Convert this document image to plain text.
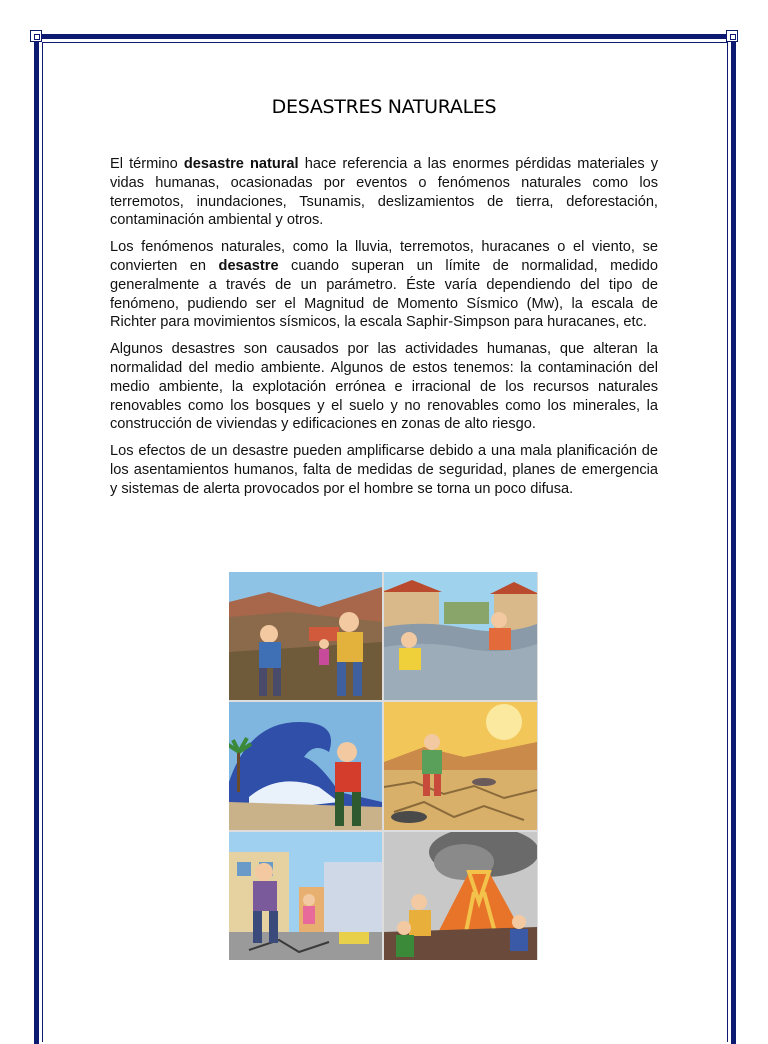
DESASTRES NATURALES

El término desastre natural hace referencia a las enormes pérdidas materiales y vidas humanas, ocasionadas por eventos o fenómenos naturales como los terremotos, inundaciones, Tsunamis, deslizamientos de tierra, deforestación, contaminación ambiental y otros.

Los fenómenos naturales, como la lluvia, terremotos, huracanes o el viento, se convierten en desastre cuando superan un límite de normalidad, medido generalmente a través de un parámetro. Éste varía dependiendo del tipo de fenómeno, pudiendo ser el Magnitud de Momento Sísmico (Mw), la escala de Richter para movimientos sísmicos, la escala Saphir-Simpson para huracanes, etc.

Algunos desastres son causados por las actividades humanas, que alteran la normalidad del medio ambiente. Algunos de estos tenemos: la contaminación del medio ambiente, la explotación errónea e irracional de los recursos naturales renovables como los bosques y el suelo y no renovables como los minerales, la construcción de viviendas y edificaciones en zonas de alto riesgo.

Los efectos de un desastre pueden amplificarse debido a una mala planificación de los asentamientos humanos, falta de medidas de seguridad, planes de emergencia y sistemas de alerta provocados por el hombre se torna un poco difusa.
